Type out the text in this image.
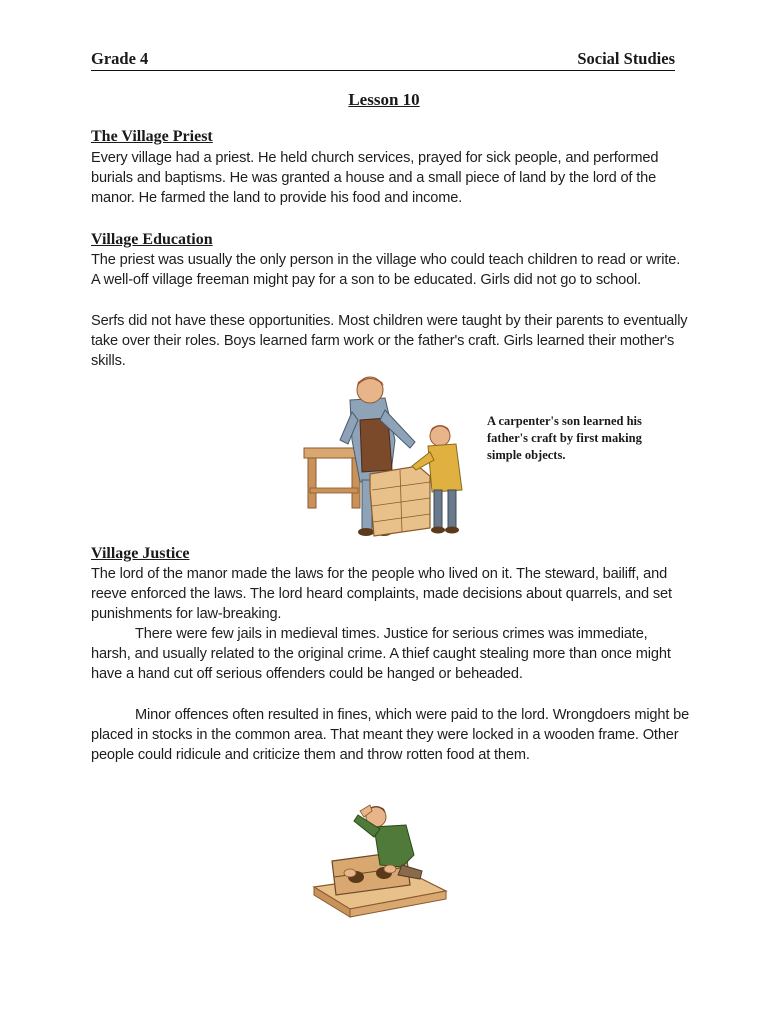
Grade 4	Social Studies
Lesson 10
The Village Priest
Every village had a priest. He held church services, prayed for sick people, and performed burials and baptisms. He was granted a house and a small piece of land by the lord of the manor. He farmed the land to provide his food and income.
Village Education
The priest was usually the only person in the village who could teach children to read or write. A well-off village freeman might pay for a son to be educated. Girls did not go to school.
Serfs did not have these opportunities. Most children were taught by their parents to eventually take over their roles. Boys learned farm work or the father's craft. Girls learned their mother's skills.
A carpenter's son learned his father's craft by first making simple objects.
Village Justice
The lord of the manor made the laws for the people who lived on it. The steward, bailiff, and reeve enforced the laws. The lord heard complaints, made decisions about quarrels, and set punishments for law-breaking.
There were few jails in medieval times. Justice for serious crimes was immediate, harsh, and usually related to the original crime. A thief caught stealing more than once might have a hand cut off serious offenders could be hanged or beheaded.
Minor offences often resulted in fines, which were paid to the lord. Wrongdoers might be placed in stocks in the common area. That meant they were locked in a wooden frame. Other people could ridicule and criticize them and throw rotten food at them.
